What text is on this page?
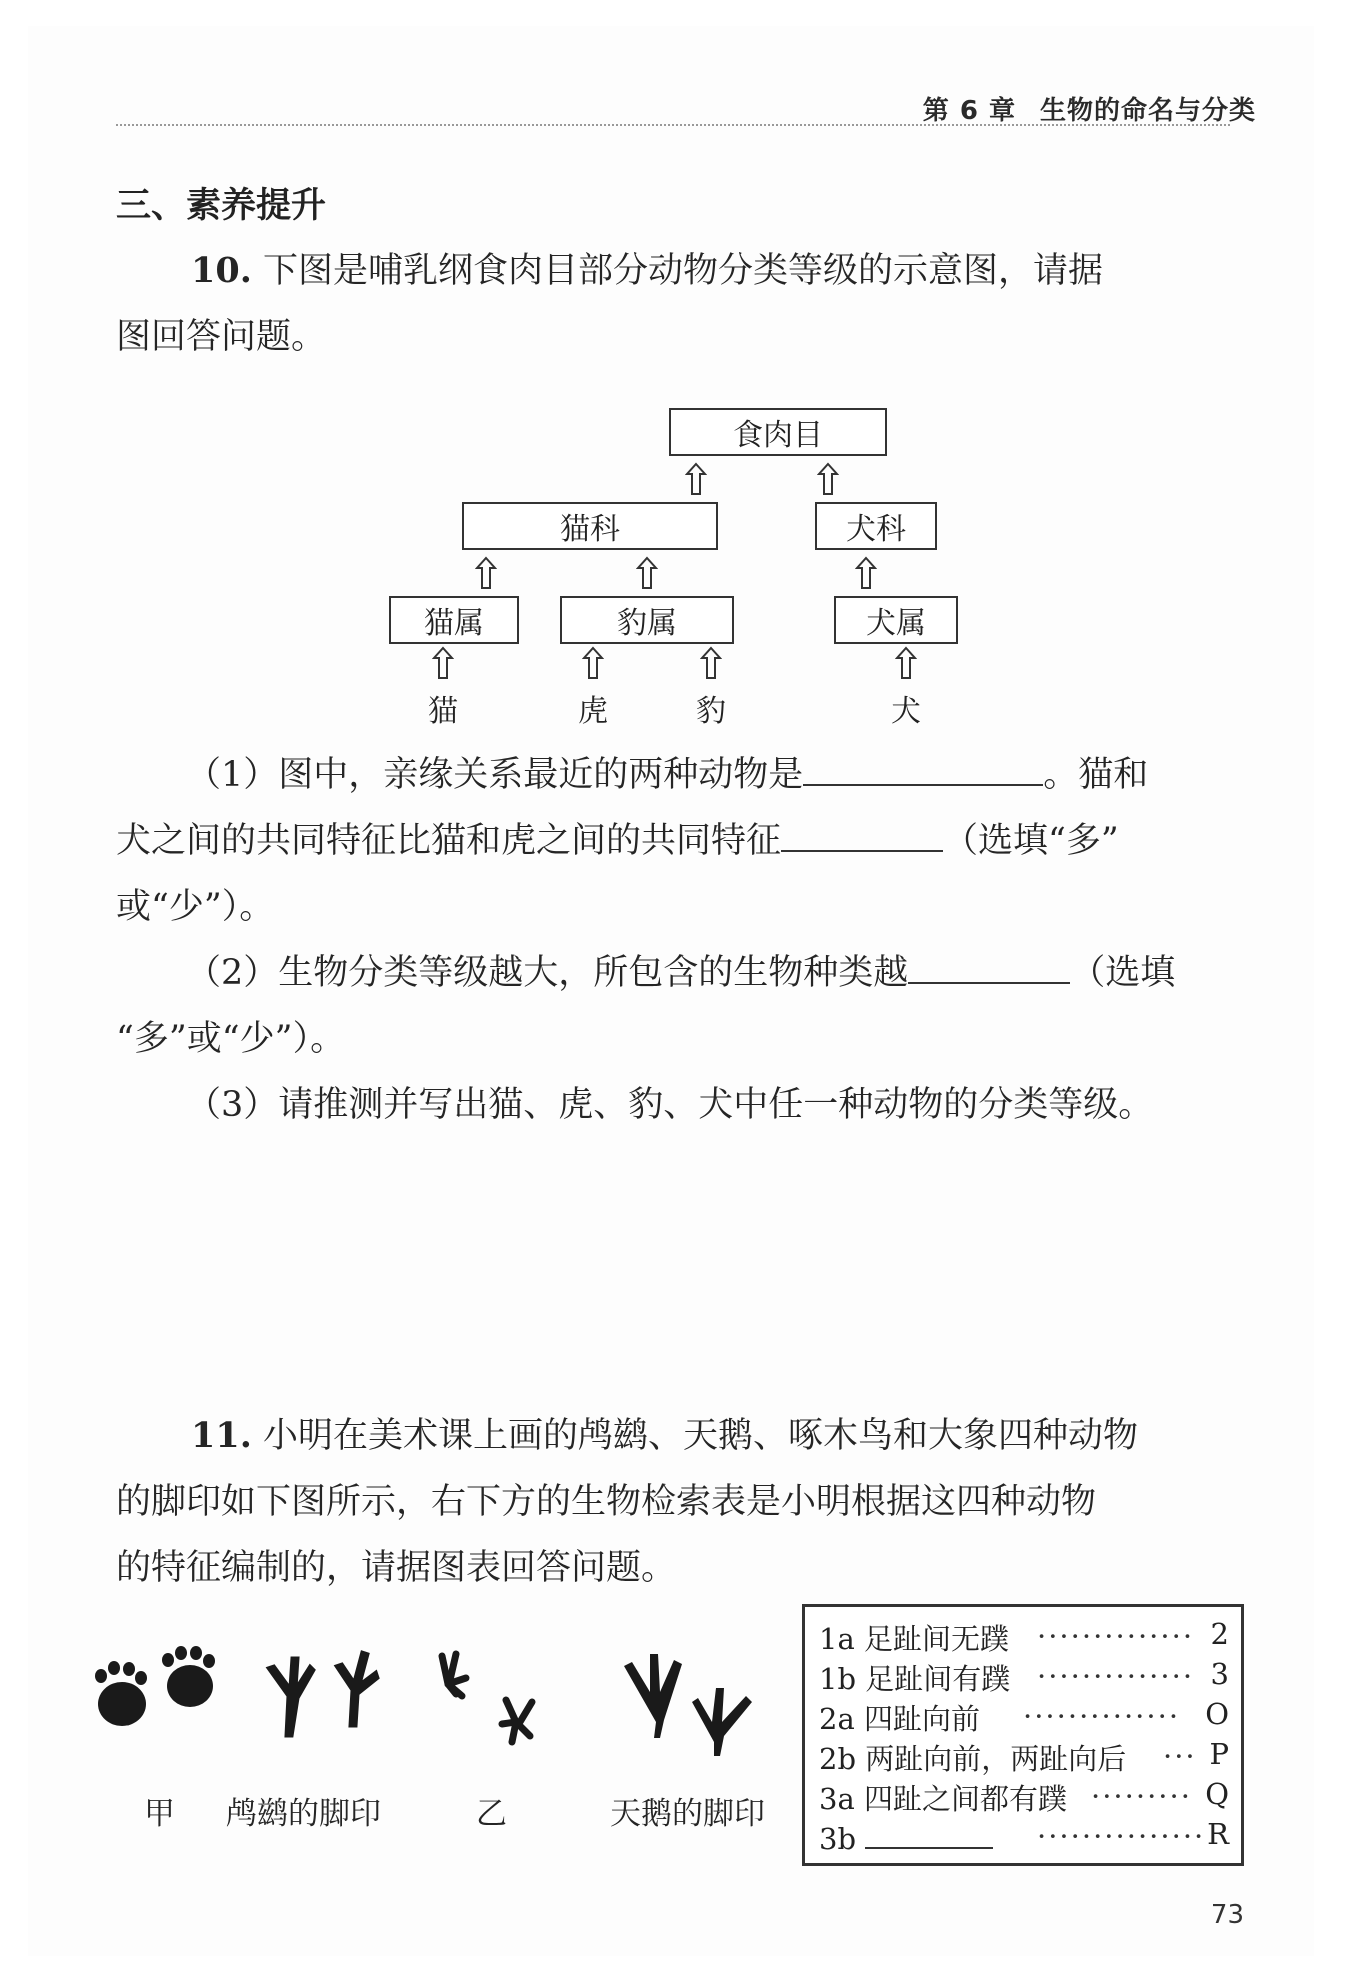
第 6 章 生物的命名与分类
三、素养提升
10. 下图是哺乳纲食肉目部分动物分类等级的示意图，请据
图回答问题。
食肉目
猫科	犬科
猫属	豹属	犬属
猫	虎	豹	犬
（1）图中，亲缘关系最近的两种动物是	。猫和
犬之间的共同特征比猫和虎之间的共同特征	（选填“多”
或“少”）。
（2）生物分类等级越大，所包含的生物种类越	（选填
“多”或“少”）。
（3）请推测并写出猫、虎、豹、犬中任一种动物的分类等级。
11. 小明在美术课上画的鸬鹚、天鹅、啄木鸟和大象四种动物
的脚印如下图所示，右下方的生物检索表是小明根据这四种动物
的特征编制的，请据图表回答问题。
甲 鸬鹚的脚印	乙	天鹅的脚印
1a 足趾间无蹼 ·············· 2
1b 足趾间有蹼 ·············· 3
2a 四趾向前 ·············· O
2b 两趾向前，两趾向后 ··· P
3a 四趾之间都有蹼 ········· Q
3b	··············· R
73
